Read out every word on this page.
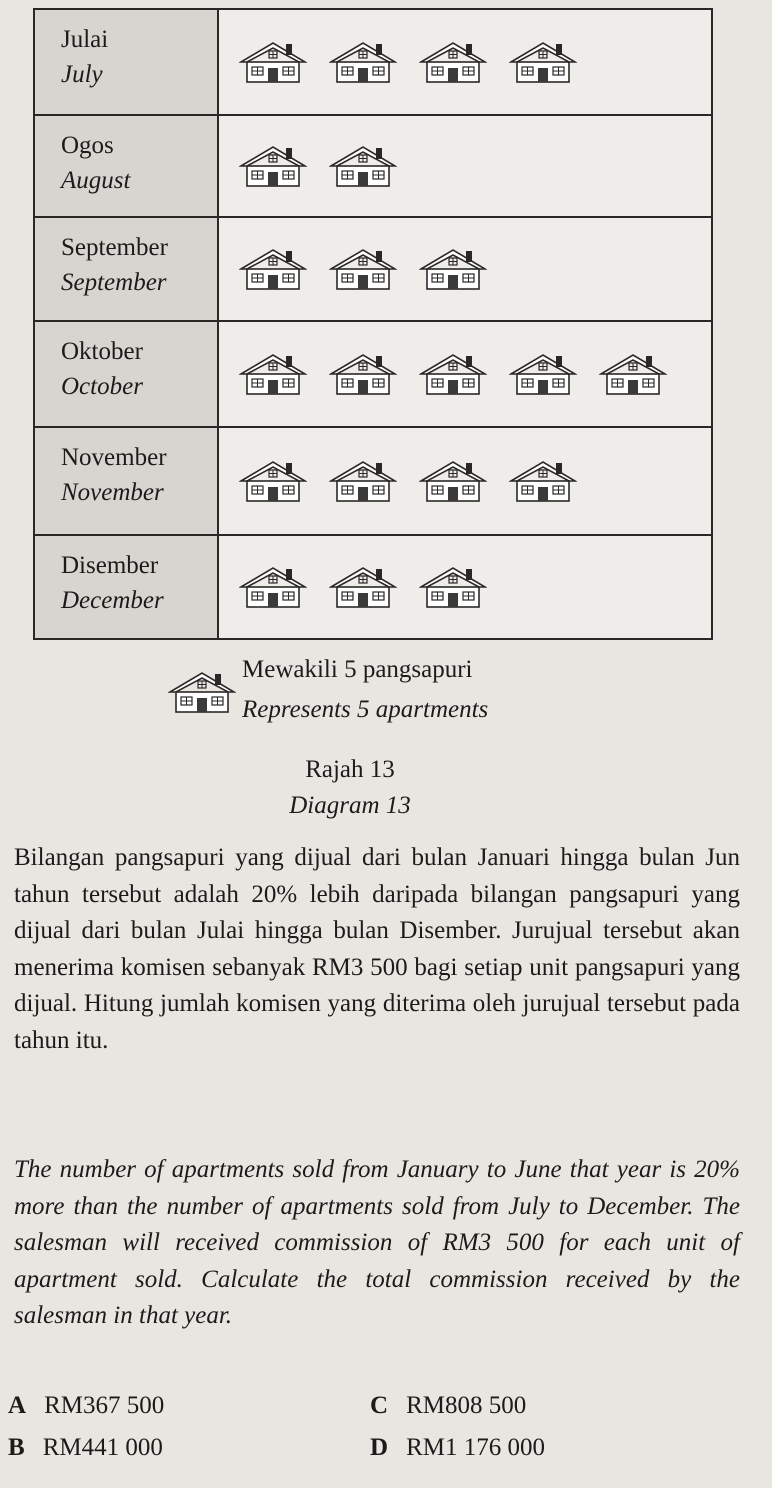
Julai
July
Ogos
August
September
September
Oktober
October
November
November
Disember
December
Mewakili 5 pangsapuri
Represents 5 apartments
Rajah 13
Diagram 13
Bilangan pangsapuri yang dijual dari bulan Januari hingga bulan Jun tahun tersebut adalah 20% lebih daripada bilangan pangsapuri yang dijual dari bulan Julai hingga bulan Disember. Jurujual tersebut akan menerima komisen sebanyak RM3 500 bagi setiap unit pangsapuri yang dijual. Hitung jumlah komisen yang diterima oleh jurujual tersebut pada tahun itu.
The number of apartments sold from January to June that year is 20% more than the number of apartments sold from July to December. The salesman will received commission of RM3 500 for each unit of apartment sold. Calculate the total commission received by the salesman in that year.
A RM367 500
B RM441 000
C RM808 500
D RM1 176 000
